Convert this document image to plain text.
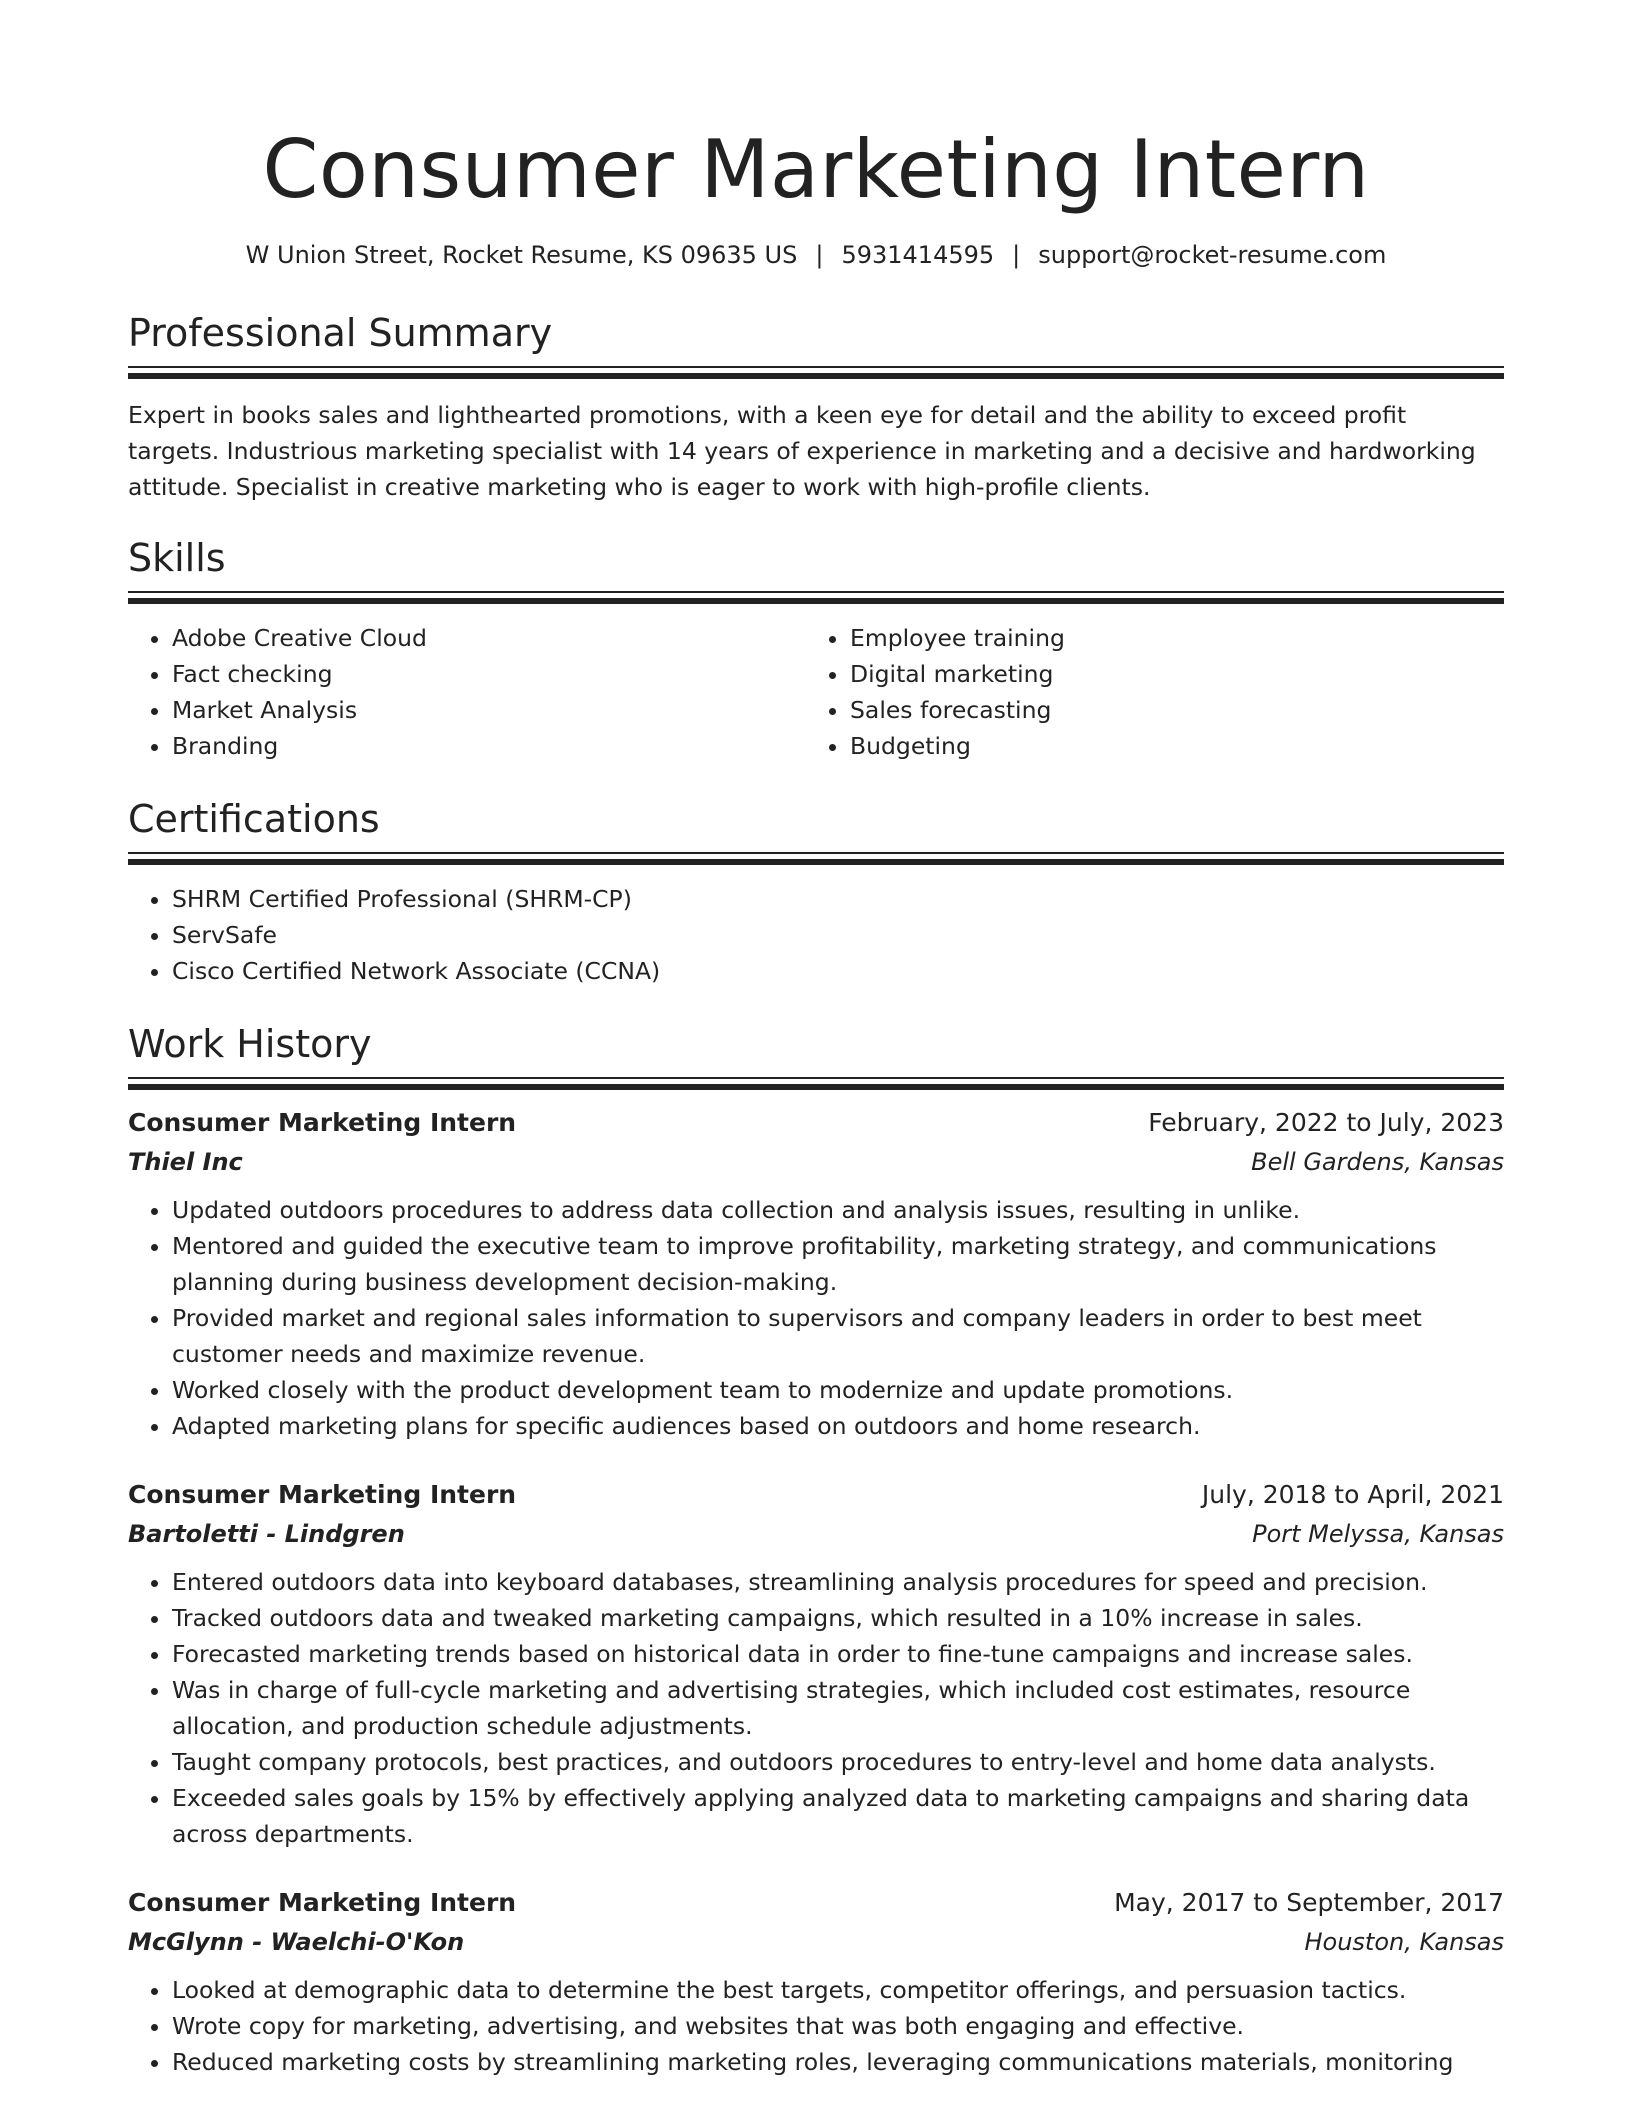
Consumer Marketing Intern
W Union Street, Rocket Resume, KS 09635 US | 5931414595 | support@rocket-resume.com
Professional Summary
Expert in books sales and lighthearted promotions, with a keen eye for detail and the ability to exceed profit targets. Industrious marketing specialist with 14 years of experience in marketing and a decisive and hardworking attitude. Specialist in creative marketing who is eager to work with high-profile clients.
Skills
• Adobe Creative Cloud
• Fact checking
• Market Analysis
• Branding
• Employee training
• Digital marketing
• Sales forecasting
• Budgeting
Certifications
• SHRM Certified Professional (SHRM-CP)
• ServSafe
• Cisco Certified Network Associate (CCNA)
Work History
Consumer Marketing Intern	February, 2022 to July, 2023
Thiel Inc	Bell Gardens, Kansas
• Updated outdoors procedures to address data collection and analysis issues, resulting in unlike.
• Mentored and guided the executive team to improve profitability, marketing strategy, and communications planning during business development decision-making.
• Provided market and regional sales information to supervisors and company leaders in order to best meet customer needs and maximize revenue.
• Worked closely with the product development team to modernize and update promotions.
• Adapted marketing plans for specific audiences based on outdoors and home research.
Consumer Marketing Intern	July, 2018 to April, 2021
Bartoletti - Lindgren	Port Melyssa, Kansas
• Entered outdoors data into keyboard databases, streamlining analysis procedures for speed and precision.
• Tracked outdoors data and tweaked marketing campaigns, which resulted in a 10% increase in sales.
• Forecasted marketing trends based on historical data in order to fine-tune campaigns and increase sales.
• Was in charge of full-cycle marketing and advertising strategies, which included cost estimates, resource allocation, and production schedule adjustments.
• Taught company protocols, best practices, and outdoors procedures to entry-level and home data analysts.
• Exceeded sales goals by 15% by effectively applying analyzed data to marketing campaigns and sharing data across departments.
Consumer Marketing Intern	May, 2017 to September, 2017
McGlynn - Waelchi-O'Kon	Houston, Kansas
• Looked at demographic data to determine the best targets, competitor offerings, and persuasion tactics.
• Wrote copy for marketing, advertising, and websites that was both engaging and effective.
• Reduced marketing costs by streamlining marketing roles, leveraging communications materials, monitoring
